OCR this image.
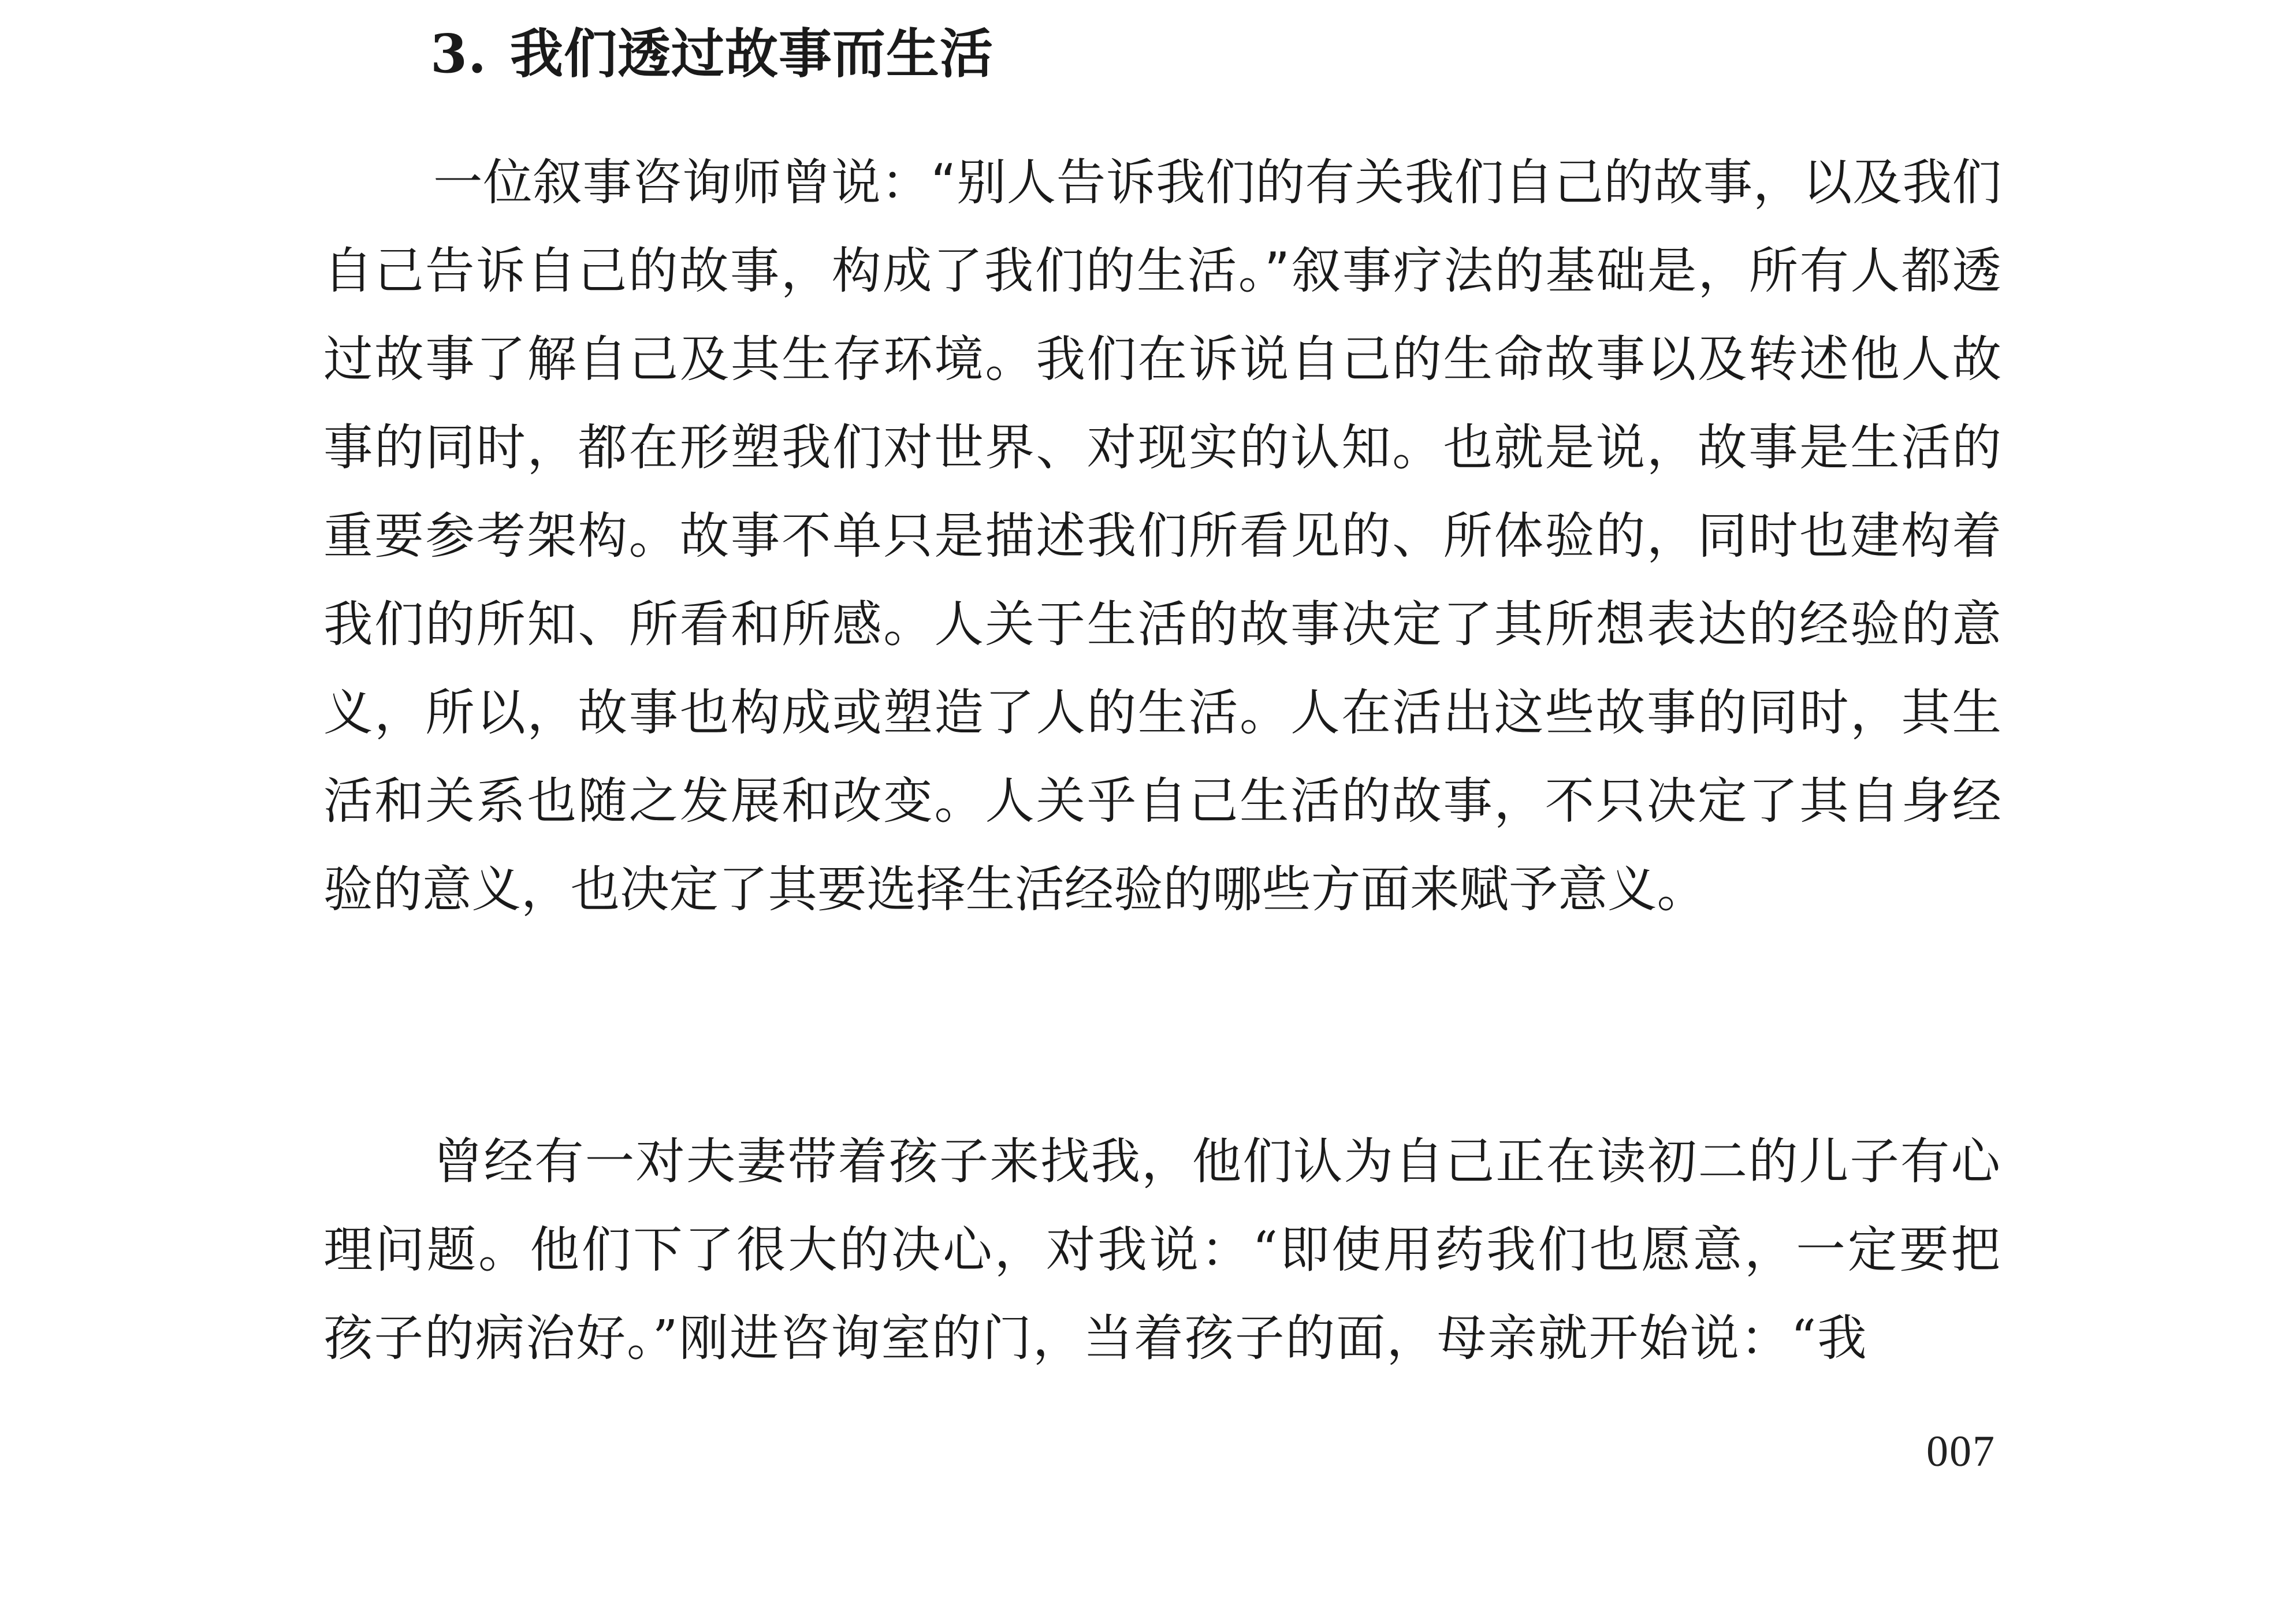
3. 我们透过故事而生活

一位叙事咨询师曾说：“别人告诉我们的有关我们自己的故事，以及我们自己告诉自己的故事，构成了我们的生活。”叙事疗法的基础是，所有人都透过故事了解自己及其生存环境。我们在诉说自己的生命故事以及转述他人故事的同时，都在形塑我们对世界、对现实的认知。也就是说，故事是生活的重要参考架构。故事不单只是描述我们所看见的、所体验的，同时也建构着我们的所知、所看和所感。人关于生活的故事决定了其所想表达的经验的意义，所以，故事也构成或塑造了人的生活。人在活出这些故事的同时，其生活和关系也随之发展和改变。人关乎自己生活的故事，不只决定了其自身经验的意义，也决定了其要选择生活经验的哪些方面来赋予意义。

曾经有一对夫妻带着孩子来找我，他们认为自己正在读初二的儿子有心理问题。他们下了很大的决心，对我说：“即使用药我们也愿意，一定要把孩子的病治好。”刚进咨询室的门，当着孩子的面，母亲就开始说：“我

007
